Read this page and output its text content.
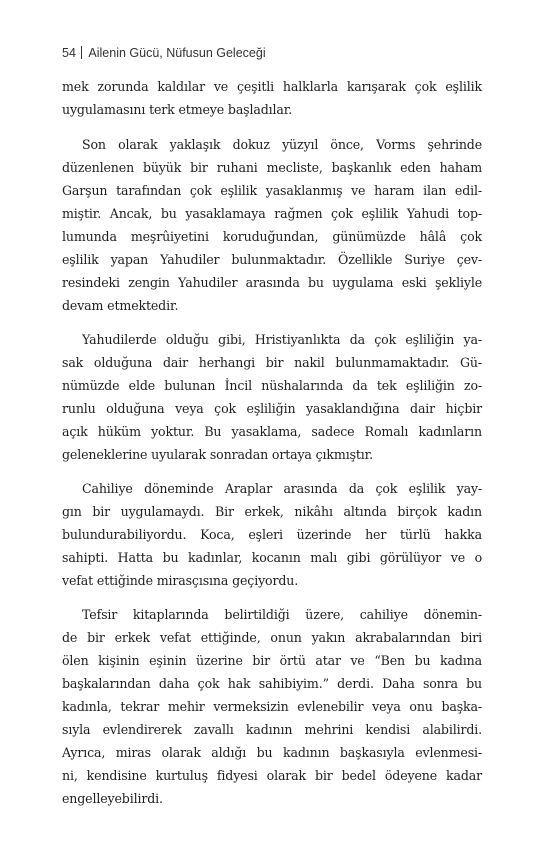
54 Ailenin Gücü, Nüfusun Geleceği
mek zorunda kaldılar ve çeşitli halklarla karışarak çok eşlilik
uygulamasını terk etmeye başladılar.
Son olarak yaklaşık dokuz yüzyıl önce, Vorms şehrinde
düzenlenen büyük bir ruhani mecliste, başkanlık eden haham
Garşun tarafından çok eşlilik yasaklanmış ve haram ilan edil-
miştir. Ancak, bu yasaklamaya rağmen çok eşlilik Yahudi top-
lumunda meşrûiyetini koruduğundan, günümüzde hâlâ çok
eşlilik yapan Yahudiler bulunmaktadır. Özellikle Suriye çev-
resindeki zengin Yahudiler arasında bu uygulama eski şekliyle
devam etmektedir.
Yahudilerde olduğu gibi, Hristiyanlıkta da çok eşliliğin ya-
sak olduğuna dair herhangi bir nakil bulunmamaktadır. Gü-
nümüzde elde bulunan İncil nüshalarında da tek eşliliğin zo-
runlu olduğuna veya çok eşliliğin yasaklandığına dair hiçbir
açık hüküm yoktur. Bu yasaklama, sadece Romalı kadınların
geleneklerine uyularak sonradan ortaya çıkmıştır.
Cahiliye döneminde Araplar arasında da çok eşlilik yay-
gın bir uygulamaydı. Bir erkek, nikâhı altında birçok kadın
bulundurabiliyordu. Koca, eşleri üzerinde her türlü hakka
sahipti. Hatta bu kadınlar, kocanın malı gibi görülüyor ve o
vefat ettiğinde mirasçısına geçiyordu.
Tefsir kitaplarında belirtildiği üzere, cahiliye dönemin-
de bir erkek vefat ettiğinde, onun yakın akrabalarından biri
ölen kişinin eşinin üzerine bir örtü atar ve “Ben bu kadına
başkalarından daha çok hak sahibiyim.” derdi. Daha sonra bu
kadınla, tekrar mehir vermeksizin evlenebilir veya onu başka-
sıyla evlendirerek zavallı kadının mehrini kendisi alabilirdi.
Ayrıca, miras olarak aldığı bu kadının başkasıyla evlenmesi-
ni, kendisine kurtuluş fidyesi olarak bir bedel ödeyene kadar
engelleyebilirdi.
